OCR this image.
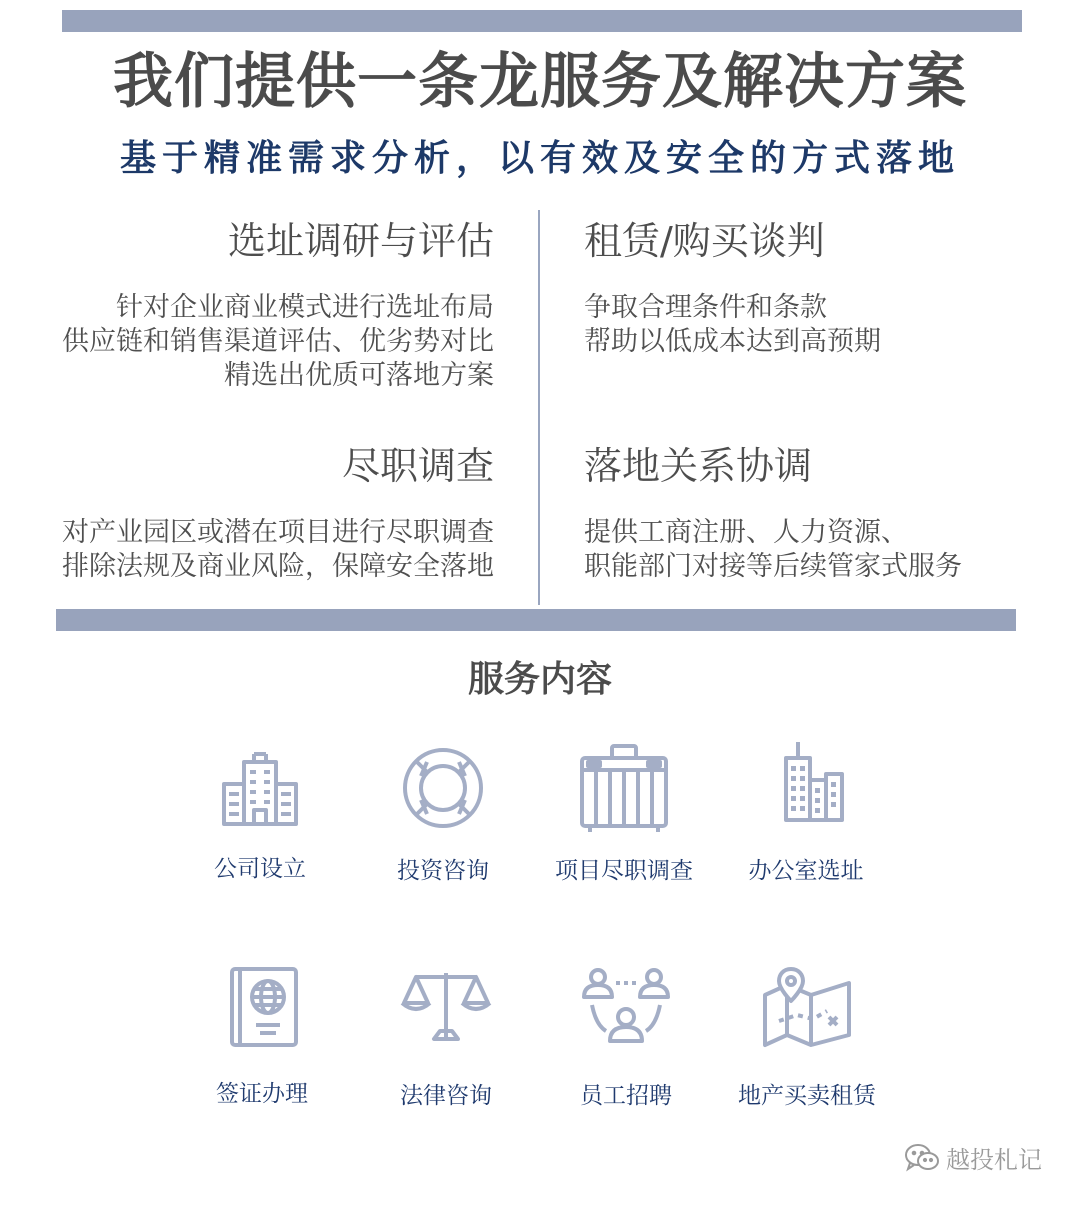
我们提供一条龙服务及解决方案
基于精准需求分析，以有效及安全的方式落地
选址调研与评估
针对企业商业模式进行选址布局
供应链和销售渠道评估、优劣势对比
精选出优质可落地方案
租赁/购买谈判
争取合理条件和条款
帮助以低成本达到高预期
尽职调查
对产业园区或潜在项目进行尽职调查
排除法规及商业风险，保障安全落地
落地关系协调
提供工商注册、人力资源、
职能部门对接等后续管家式服务
服务内容
公司设立	投资咨询	项目尽职调查	办公室选址
签证办理	法律咨询	员工招聘	地产买卖租赁
越投札记
